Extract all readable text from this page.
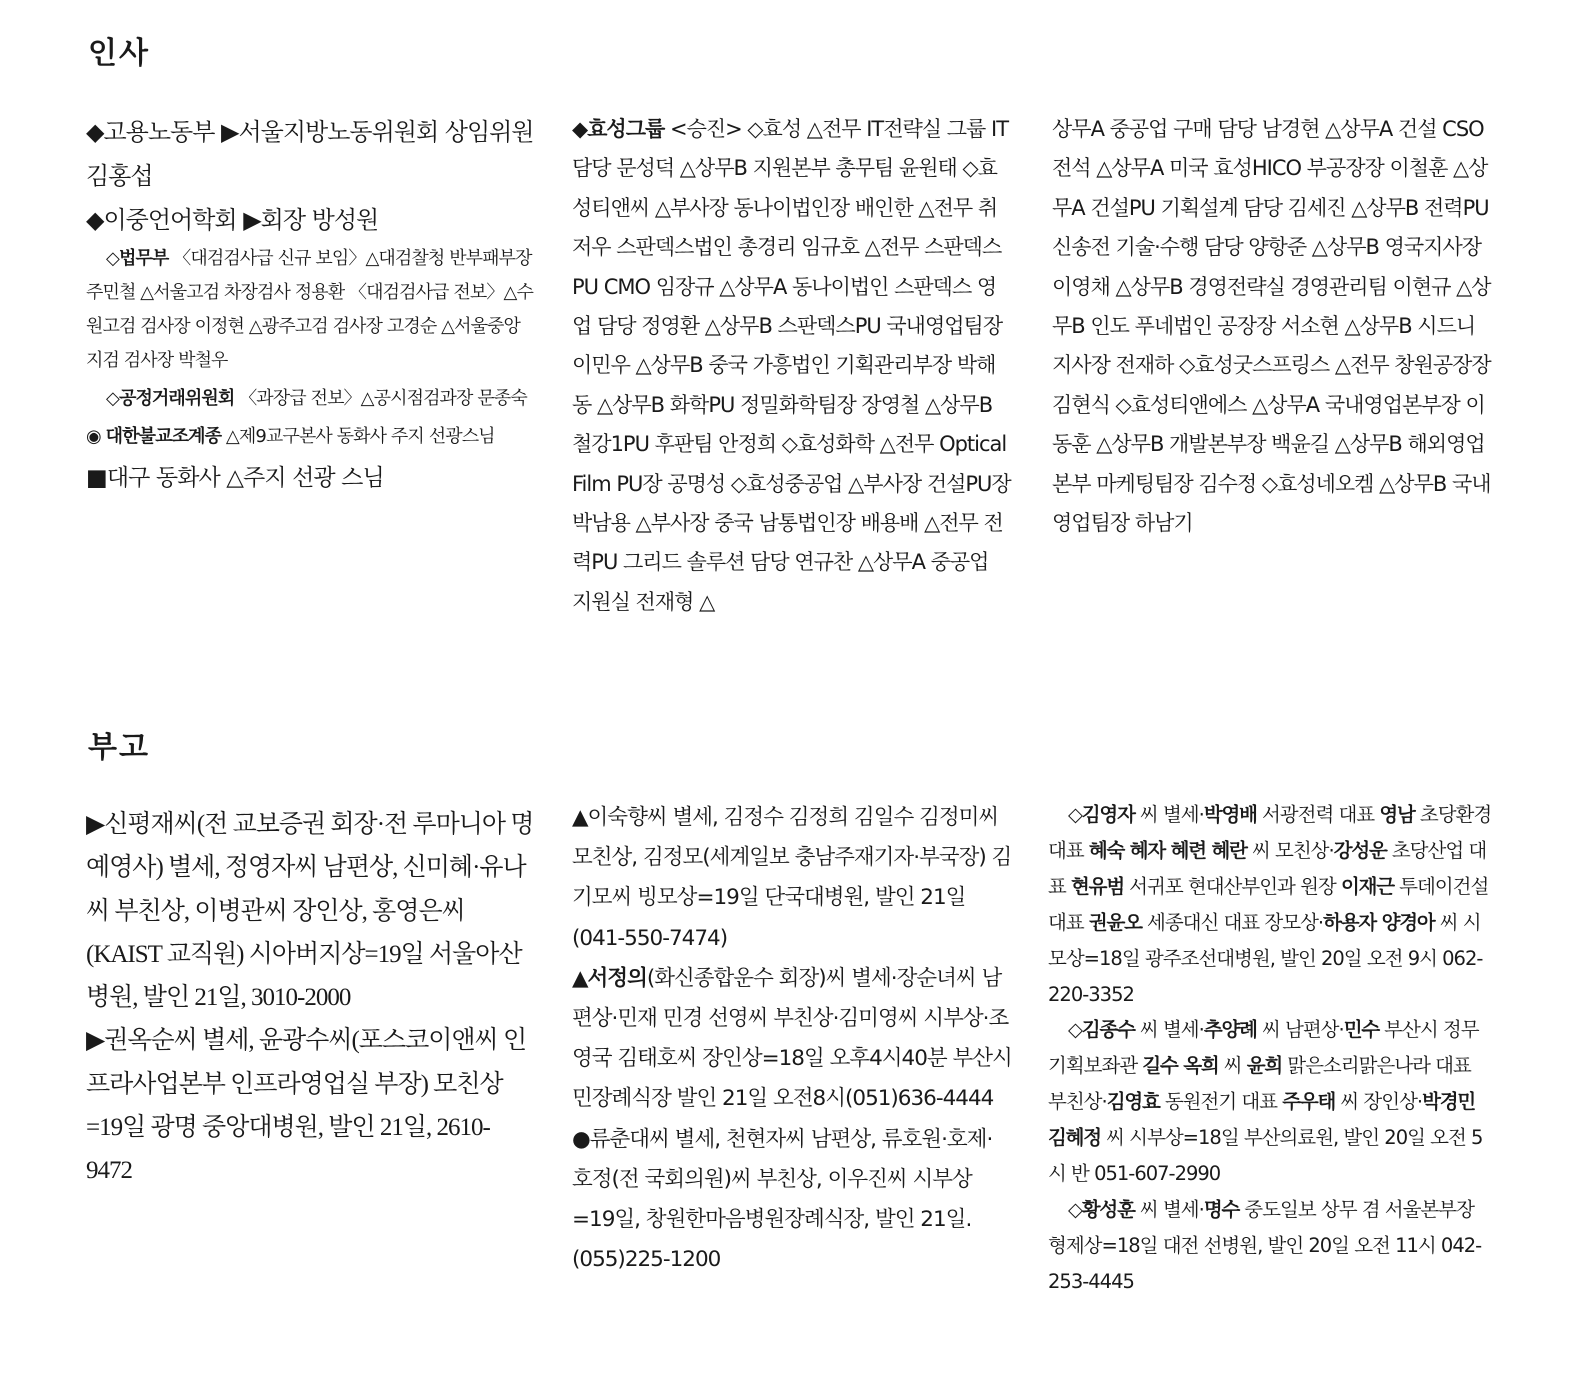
인사

◆고용노동부 ▶서울지방노동위원회 상임위원 김홍섭

◆이중언어학회 ▶회장 방성원

◇법무부 〈대검검사급 신규 보임〉△대검찰청 반부패부장 주민철 △서울고검 차장검사 정용환 〈대검검사급 전보〉△수원고검 검사장 이정현 △광주고검 검사장 고경순 △서울중앙지검 검사장 박철우

◇공정거래위원회 〈과장급 전보〉△공시점검과장 문종숙

◉ 대한불교조계종 △제9교구본사 동화사 주지 선광스님

■대구 동화사 △주지 선광 스님

◆효성그룹 <승진> ◇효성 △전무 IT전략실 그룹 IT 담당 문성덕 △상무B 지원본부 총무팀 윤원태 ◇효성티앤씨 △부사장 동나이법인장 배인한 △전무 취저우 스판덱스법인 총경리 임규호 △전무 스판덱스PU CMO 임장규 △상무A 동나이법인 스판덱스 영업 담당 정영환 △상무B 스판덱스PU 국내영업팀장 이민우 △상무B 중국 가흥법인 기획관리부장 박해동 △상무B 화학PU 정밀화학팀장 장영철 △상무B 철강1PU 후판팀 안정희 ◇효성화학 △전무 Optical Film PU장 공명성 ◇효성중공업 △부사장 건설PU장 박남용 △부사장 중국 남통법인장 배용배 △전무 전력PU 그리드 솔루션 담당 연규찬 △상무A 중공업 지원실 전재형 △

상무A 중공업 구매 담당 남경현 △상무A 건설 CSO 전석 △상무A 미국 효성HICO 부공장장 이철훈 △상무A 건설PU 기획설계 담당 김세진 △상무B 전력PU 신송전 기술·수행 담당 양항준 △상무B 영국지사장 이영채 △상무B 경영전략실 경영관리팀 이현규 △상무B 인도 푸네법인 공장장 서소현 △상무B 시드니지사장 전재하 ◇효성굿스프링스 △전무 창원공장장 김현식 ◇효성티앤에스 △상무A 국내영업본부장 이동훈 △상무B 개발본부장 백윤길 △상무B 해외영업본부 마케팅팀장 김수정 ◇효성네오켐 △상무B 국내영업팀장 하남기

부고

▶신평재씨(전 교보증권 회장·전 루마니아 명예영사) 별세, 정영자씨 남편상, 신미혜·유나씨 부친상, 이병관씨 장인상, 홍영은씨(KAIST 교직원) 시아버지상=19일 서울아산병원, 발인 21일, 3010-2000

▶권옥순씨 별세, 윤광수씨(포스코이앤씨 인프라사업본부 인프라영업실 부장) 모친상=19일 광명 중앙대병원, 발인 21일, 2610-9472

▲이숙향씨 별세, 김정수 김정희 김일수 김정미씨 모친상, 김정모(세계일보 충남주재기자·부국장) 김기모씨 빙모상=19일 단국대병원, 발인 21일(041-550-7474)

▲서정의(화신종합운수 회장)씨 별세·장순녀씨 남편상·민재 민경 선영씨 부친상·김미영씨 시부상·조영국 김태호씨 장인상=18일 오후4시40분 부산시민장례식장 발인 21일 오전8시(051)636-4444

●류춘대씨 별세, 천현자씨 남편상, 류호원·호제·호정(전 국회의원)씨 부친상, 이우진씨 시부상=19일, 창원한마음병원장례식장, 발인 21일. (055)225-1200

◇김영자 씨 별세·박영배 서광전력 대표 영남 초당환경 대표 혜숙 혜자 혜련 혜란 씨 모친상·강성운 초당산업 대표 현유범 서귀포 현대산부인과 원장 이재근 투데이건설 대표 권윤오 세종대신 대표 장모상·하용자 양경아 씨 시모상=18일 광주조선대병원, 발인 20일 오전 9시 062-220-3352

◇김종수 씨 별세·추양례 씨 남편상·민수 부산시 정무기획보좌관 길수 옥희 씨 윤희 맑은소리맑은나라 대표 부친상·김영효 동원전기 대표 주우태 씨 장인상·박경민 김혜정 씨 시부상=18일 부산의료원, 발인 20일 오전 5시 반 051-607-2990

◇황성훈 씨 별세·명수 중도일보 상무 겸 서울본부장 형제상=18일 대전 선병원, 발인 20일 오전 11시 042-253-4445
